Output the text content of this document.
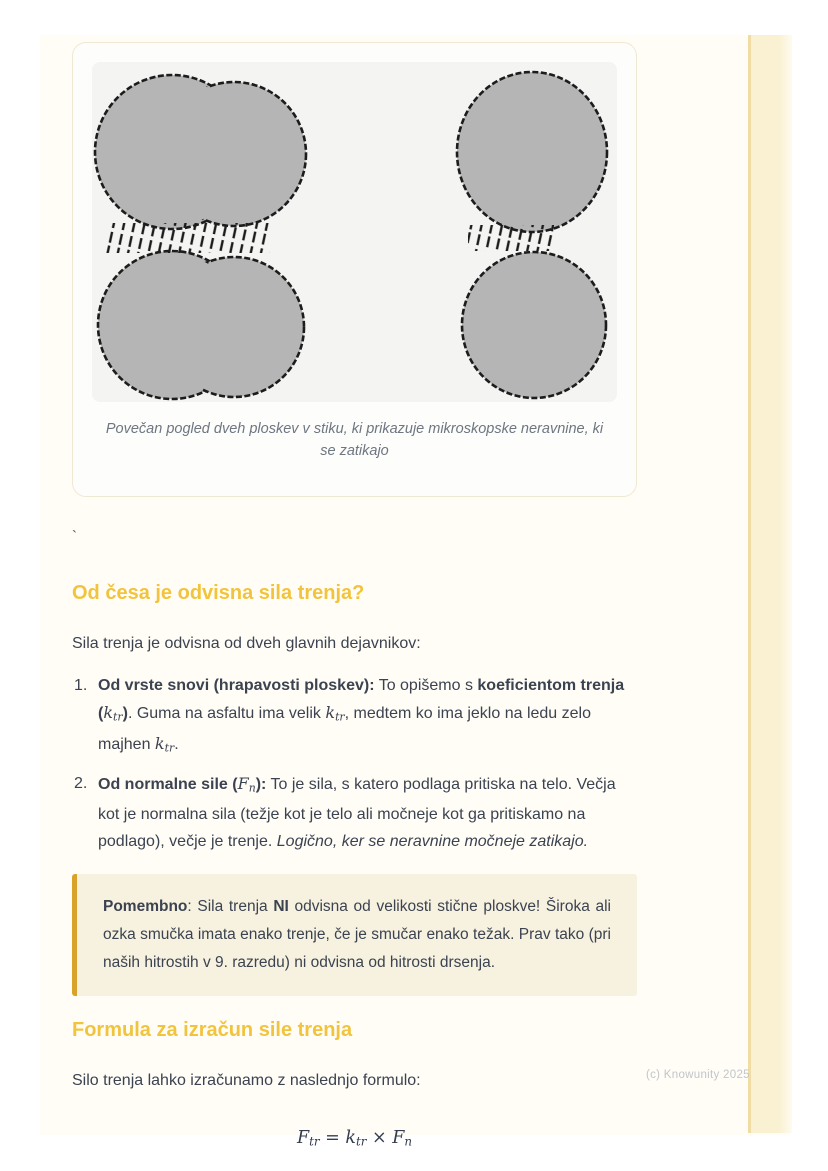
Povečan pogled dveh ploskev v stiku, ki prikazuje mikroskopske neravnine, ki se zatikajo
`
Od česa je odvisna sila trenja?

Sila trenja je odvisna od dveh glavnih dejavnikov:

1. Od vrste snovi (hrapavosti ploskev): To opišemo s koeficientom trenja $(k_{tr})$. Guma na asfaltu ima velik $k_{tr}$, medtem ko ima jeklo na ledu zelo majhen $k_{tr}$.
2. Od normalne sile $(F_n)$: To je sila, s katero podlaga pritiska na telo. Večja kot je normalna sila (težje kot je telo ali močneje kot ga pritiskamo na podlago), večje je trenje. Logično, ker se neravnine močneje zatikajo.

Pomembno: Sila trenja NI odvisna od velikosti stične ploskve! Široka ali ozka smučka imata enako trenje, če je smučar enako težak. Prav tako (pri naših hitrostih v 9. razredu) ni odvisna od hitrosti drsenja.

Formula za izračun sile trenja

Silo trenja lahko izračunamo z naslednjo formulo:

$F_{tr} = k_{tr} \times F_n$
(c) Knowunity 2025
